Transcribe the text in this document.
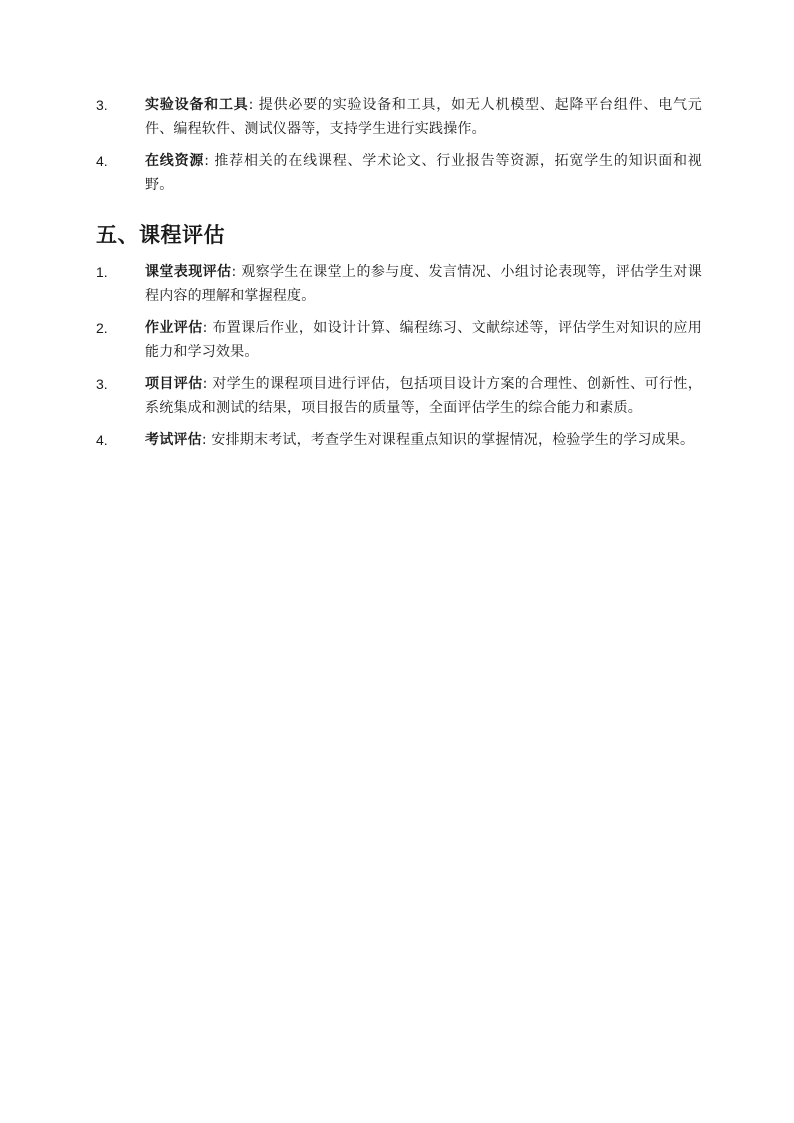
3.	实验设备和工具: 提供必要的实验设备和工具，如无人机模型、起降平台组件、电气元件、编程软件、测试仪器等，支持学生进行实践操作。
4.	在线资源: 推荐相关的在线课程、学术论文、行业报告等资源，拓宽学生的知识面和视野。
五、课程评估
1.	课堂表现评估: 观察学生在课堂上的参与度、发言情况、小组讨论表现等，评估学生对课程内容的理解和掌握程度。
2.	作业评估: 布置课后作业，如设计计算、编程练习、文献综述等，评估学生对知识的应用能力和学习效果。
3.	项目评估: 对学生的课程项目进行评估，包括项目设计方案的合理性、创新性、可行性，系统集成和测试的结果，项目报告的质量等，全面评估学生的综合能力和素质。
4.	考试评估: 安排期末考试，考查学生对课程重点知识的掌握情况，检验学生的学习成果。
